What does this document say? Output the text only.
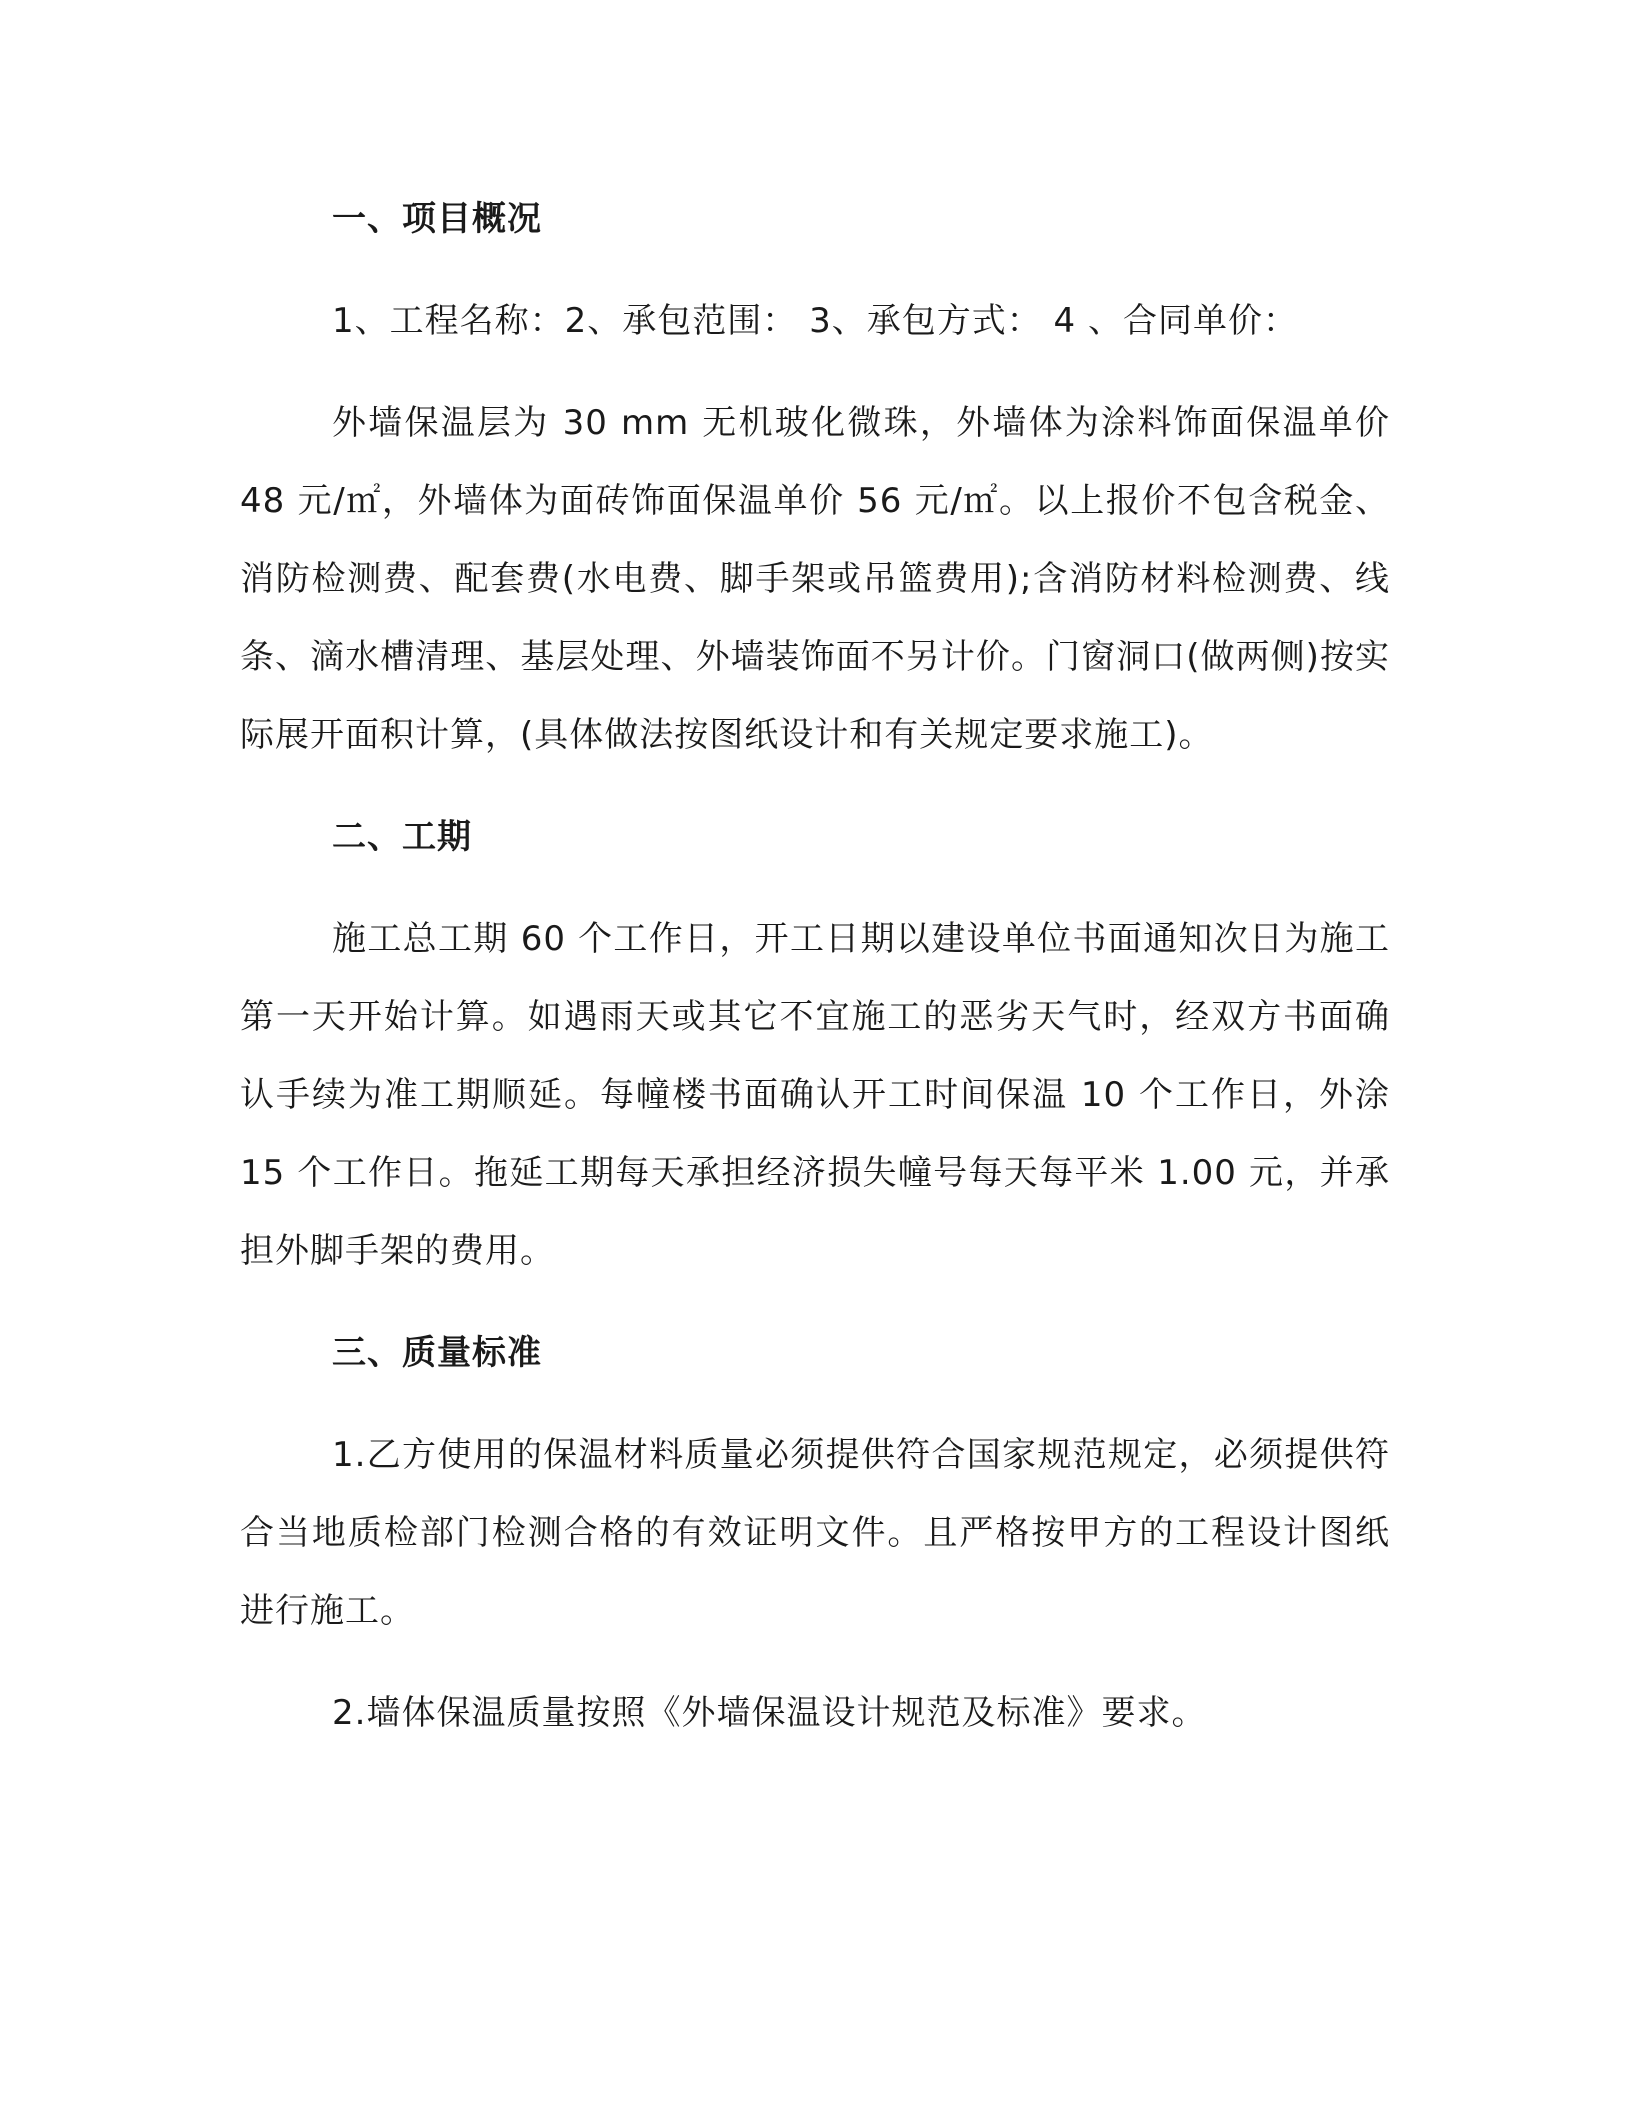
一、项目概况

1、工程名称：2、承包范围： 3、承包方式： 4 、合同单价：

外墙保温层为 30 mm 无机玻化微珠，外墙体为涂料饰面保温单价 48 元/㎡，外墙体为面砖饰面保温单价 56 元/㎡。以上报价不包含税金、消防检测费、配套费(水电费、脚手架或吊篮费用);含消防材料检测费、线条、滴水槽清理、基层处理、外墙装饰面不另计价。门窗洞口(做两侧)按实际展开面积计算，(具体做法按图纸设计和有关规定要求施工)。

二、工期

施工总工期 60 个工作日，开工日期以建设单位书面通知次日为施工第一天开始计算。如遇雨天或其它不宜施工的恶劣天气时，经双方书面确认手续为准工期顺延。每幢楼书面确认开工时间保温 10 个工作日，外涂 15 个工作日。拖延工期每天承担经济损失幢号每天每平米 1.00 元，并承担外脚手架的费用。

三、质量标准

1.乙方使用的保温材料质量必须提供符合国家规范规定，必须提供符合当地质检部门检测合格的有效证明文件。且严格按甲方的工程设计图纸进行施工。

2.墙体保温质量按照《外墙保温设计规范及标准》要求。
